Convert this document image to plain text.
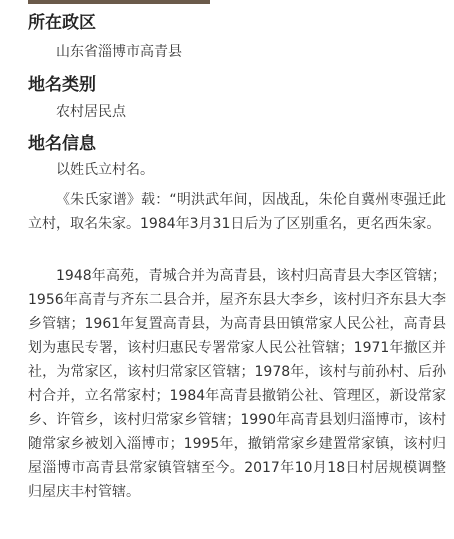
所在政区

山东省淄博市高青县

地名类别

农村居民点

地名信息

以姓氏立村名。

《朱氏家谱》载：“明洪武年间，因战乱，朱伦自冀州枣强迁此立村，取名朱家。1984年3月31日后为了区别重名，更名西朱家。

1948年高苑，青城合并为高青县，该村归高青县大李区管辖；1956年高青与齐东二县合并，屋齐东县大李乡，该村归齐东县大李乡管辖；1961年复置高青县，为高青县田镇常家人民公社，高青县划为惠民专署，该村归惠民专署常家人民公社管辖；1971年撤区并社，为常家区，该村归常家区管辖；1978年，该村与前孙村、后孙村合并，立名常家村；1984年高青县撤销公社、管理区，新设常家乡、许管乡，该村归常家乡管辖；1990年高青县划归淄博市，该村随常家乡被划入淄博市；1995年，撤销常家乡建置常家镇，该村归屋淄博市高青县常家镇管辖至今。2017年10月18日村居规模调整归屋庆丰村管辖。
